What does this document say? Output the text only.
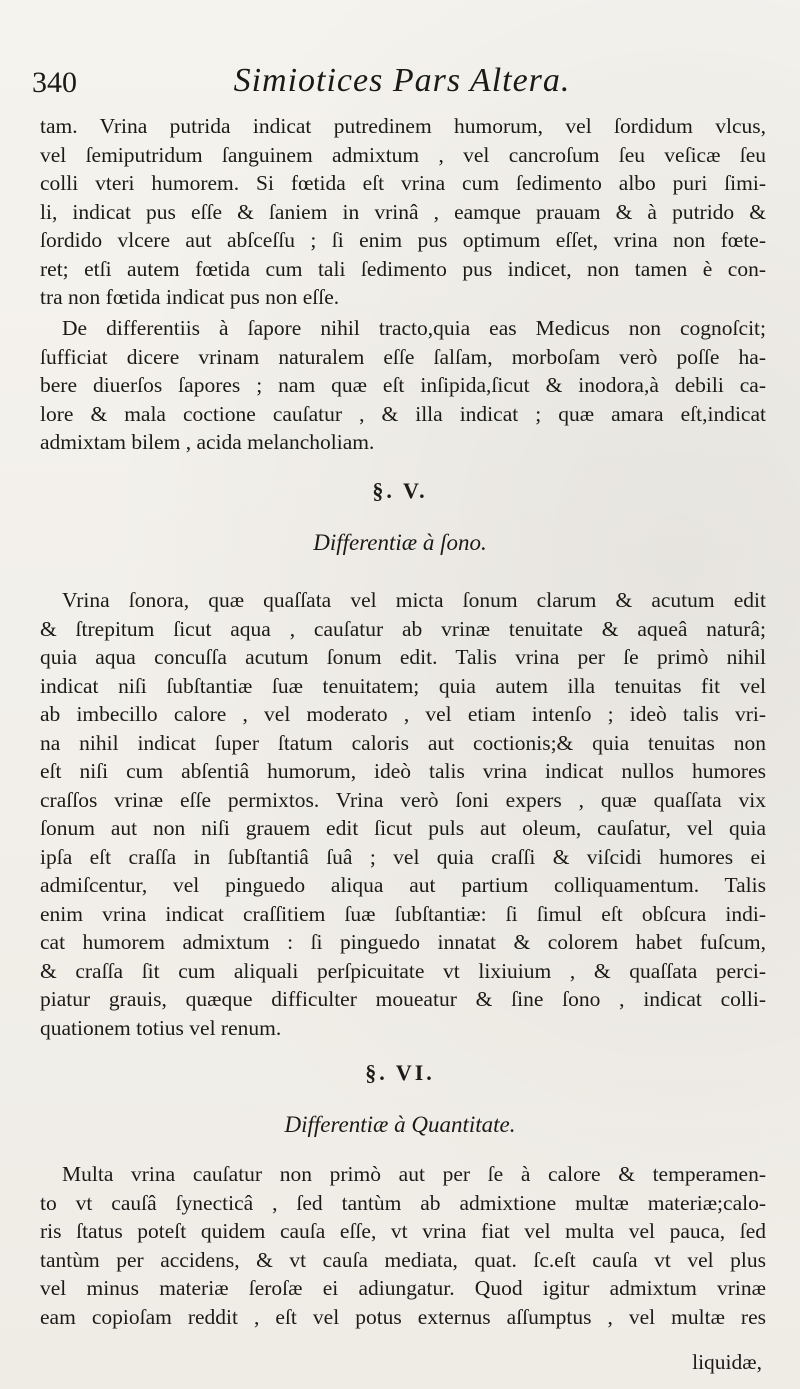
340	Simiotices Pars Altera.
tam. Vrina putrida indicat putredinem humorum, vel ſordidum vlcus,
vel ſemiputridum ſanguinem admixtum , vel cancroſum ſeu veſicæ ſeu
colli vteri humorem. Si fœtida eſt vrina cum ſedimento albo puri ſimi-
li, indicat pus eſſe & ſaniem in vrinâ , eamque prauam & à putrido &
ſordido vlcere aut abſceſſu ; ſi enim pus optimum eſſet, vrina non fœte-
ret; etſi autem fœtida cum tali ſedimento pus indicet, non tamen è con-
tra non fœtida indicat pus non eſſe.
De differentiis à ſapore nihil tracto,quia eas Medicus non cognoſcit;
ſufficiat dicere vrinam naturalem eſſe ſalſam, morboſam verò poſſe ha-
bere diuerſos ſapores ; nam quæ eſt inſipida,ſicut & inodora,à debili ca-
lore & mala coctione cauſatur , & illa indicat ; quæ amara eſt,indicat
admixtam bilem , acida melancholiam.
§. V.
Differentiæ à ſono.
Vrina ſonora, quæ quaſſata vel micta ſonum clarum & acutum edit
& ſtrepitum ſicut aqua , cauſatur ab vrinæ tenuitate & aqueâ naturâ;
quia aqua concuſſa acutum ſonum edit. Talis vrina per ſe primò nihil
indicat niſi ſubſtantiæ ſuæ tenuitatem; quia autem illa tenuitas fit vel
ab imbecillo calore , vel moderato , vel etiam intenſo ; ideò talis vri-
na nihil indicat ſuper ſtatum caloris aut coctionis;& quia tenuitas non
eſt niſi cum abſentiâ humorum, ideò talis vrina indicat nullos humores
craſſos vrinæ eſſe permixtos. Vrina verò ſoni expers , quæ quaſſata vix
ſonum aut non niſi grauem edit ſicut puls aut oleum, cauſatur, vel quia
ipſa eſt craſſa in ſubſtantiâ ſuâ ; vel quia craſſi & viſcidi humores ei
admiſcentur, vel pinguedo aliqua aut partium colliquamentum. Talis
enim vrina indicat craſſitiem ſuæ ſubſtantiæ: ſi ſimul eſt obſcura indi-
cat humorem admixtum : ſi pinguedo innatat & colorem habet fuſcum,
& craſſa ſit cum aliquali perſpicuitate vt lixiuium , & quaſſata perci-
piatur grauis, quæque difficulter moueatur & ſine ſono , indicat colli-
quationem totius vel renum.
§. VI.
Differentiæ à Quantitate.
Multa vrina cauſatur non primò aut per ſe à calore & temperamen-
to vt cauſâ ſynecticâ , ſed tantùm ab admixtione multæ materiæ;calo-
ris ſtatus poteſt quidem cauſa eſſe, vt vrina fiat vel multa vel pauca, ſed
tantùm per accidens, & vt cauſa mediata, quat. ſc.eſt cauſa vt vel plus
vel minus materiæ ſeroſæ ei adiungatur. Quod igitur admixtum vrinæ
eam copioſam reddit , eſt vel potus externus aſſumptus , vel multæ res
liquidæ,
